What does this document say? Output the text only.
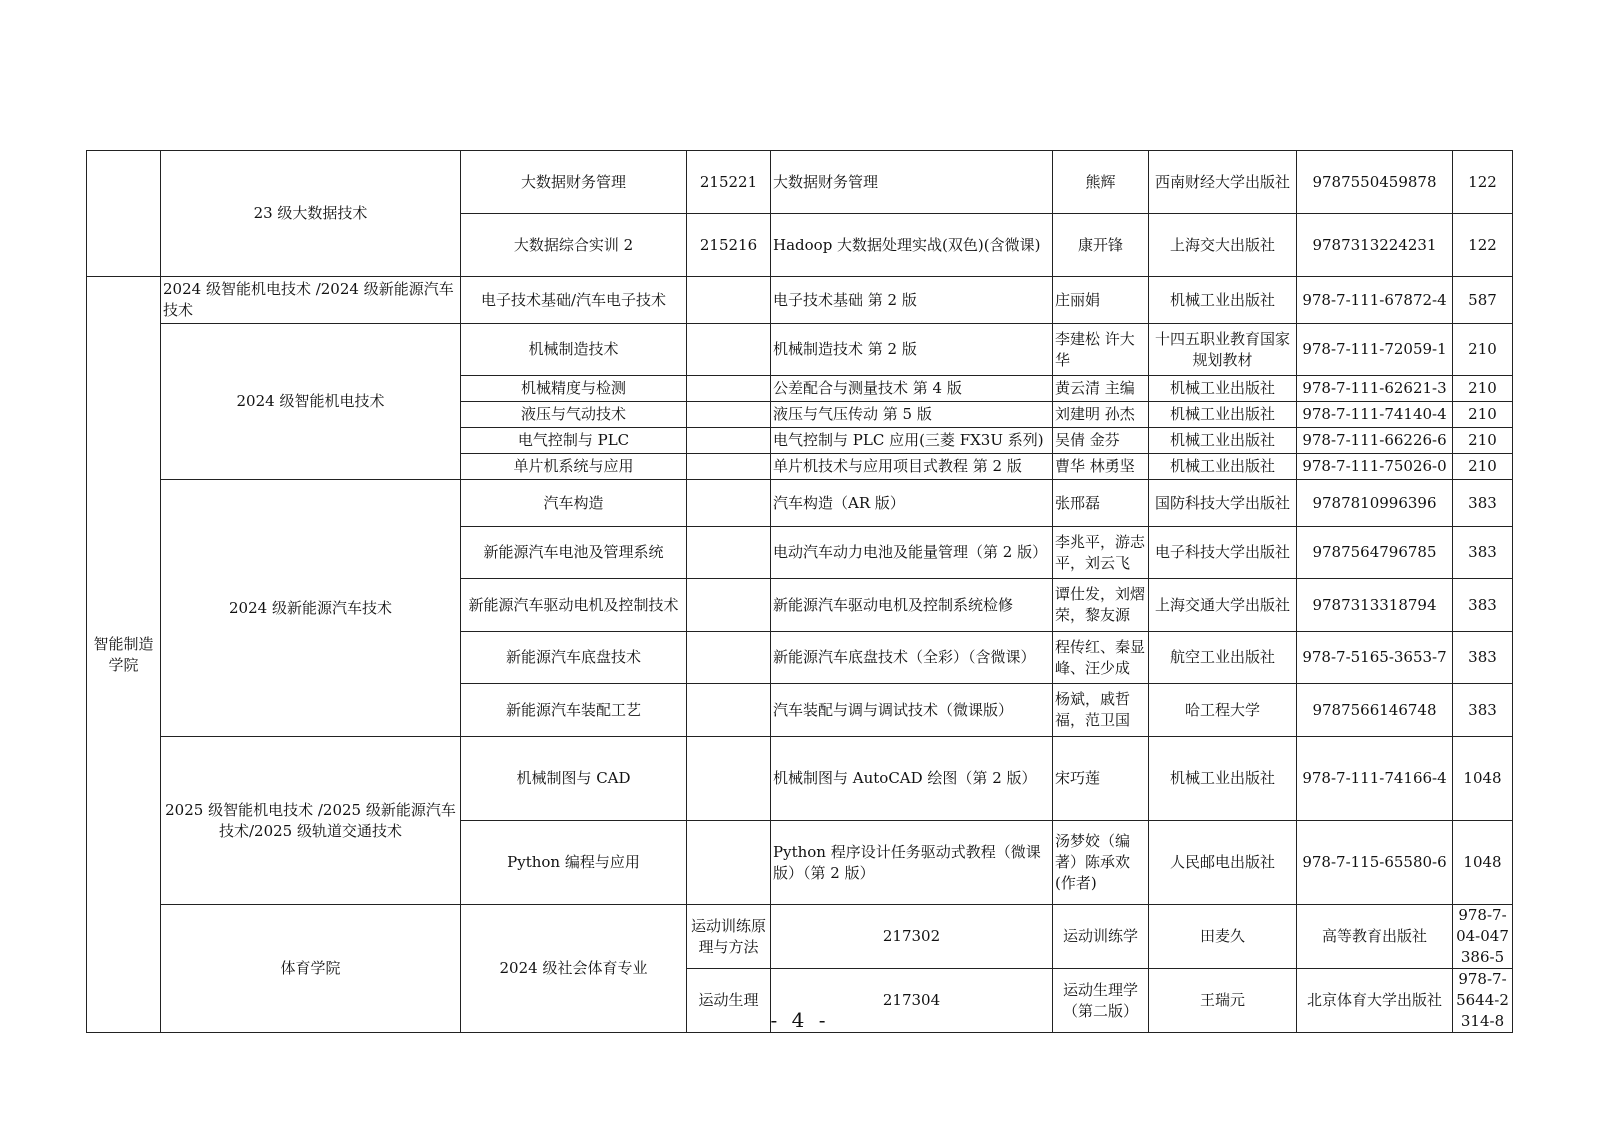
	23 级大数据技术	大数据财务管理	215221	大数据财务管理	熊辉	西南财经大学出版社	9787550459878	122	
		大数据综合实训 2	215216	Hadoop 大数据处理实战(双色)(含微课)	康开锋	上海交大出版社	9787313224231	122	
智能制造学院	2024 级智能机电技术 /2024 级新能源汽车技术	电子技术基础/汽车电子技术		电子技术基础 第 2 版	庄丽娟	机械工业出版社	978-7-111-67872-4	587	
	2024 级智能机电技术	机械制造技术		机械制造技术 第 2 版	李建松 许大华	十四五职业教育国家规划教材	978-7-111-72059-1	210	
		机械精度与检测		公差配合与测量技术 第 4 版	黄云清 主编	机械工业出版社	978-7-111-62621-3	210	
		液压与气动技术		液压与气压传动 第 5 版	刘建明 孙杰	机械工业出版社	978-7-111-74140-4	210	
		电气控制与 PLC		电气控制与 PLC 应用(三菱 FX3U 系列)	吴倩 金芬	机械工业出版社	978-7-111-66226-6	210	
		单片机系统与应用		单片机技术与应用项目式教程 第 2 版	曹华 林勇坚	机械工业出版社	978-7-111-75026-0	210	
	2024 级新能源汽车技术	汽车构造		汽车构造（AR 版）	张邢磊	国防科技大学出版社	9787810996396	383	
		新能源汽车电池及管理系统		电动汽车动力电池及能量管理（第 2 版）	李兆平，游志平，刘云飞	电子科技大学出版社	9787564796785	383	
		新能源汽车驱动电机及控制技术		新能源汽车驱动电机及控制系统检修	谭仕发，刘熠荣，黎友源	上海交通大学出版社	9787313318794	383	
		新能源汽车底盘技术		新能源汽车底盘技术（全彩）（含微课）	程传红、秦显峰、汪少成	航空工业出版社	978-7-5165-3653-7	383	
		新能源汽车装配工艺		汽车装配与调与调试技术（微课版）	杨斌，戚哲福，范卫国	哈工程大学	9787566146748	383	
	2025 级智能机电技术 /2025 级新能源汽车技术/2025 级轨道交通技术	机械制图与 CAD		机械制图与 AutoCAD 绘图（第 2 版）	宋巧莲	机械工业出版社	978-7-111-74166-4	1048	
		Python 编程与应用		Python 程序设计任务驱动式教程（微课版）（第 2 版）	汤梦姣（编著）陈承欢(作者)	人民邮电出版社	978-7-115-65580-6	1048	
	体育学院	2024 级社会体育专业	运动训练原理与方法	217302	运动训练学	田麦久	高等教育出版社	978-7-04-047386-5	
			运动生理	217304	运动生理学（第二版）	王瑞元	北京体育大学出版社	978-7-5644-2314-8	
- 4 -
